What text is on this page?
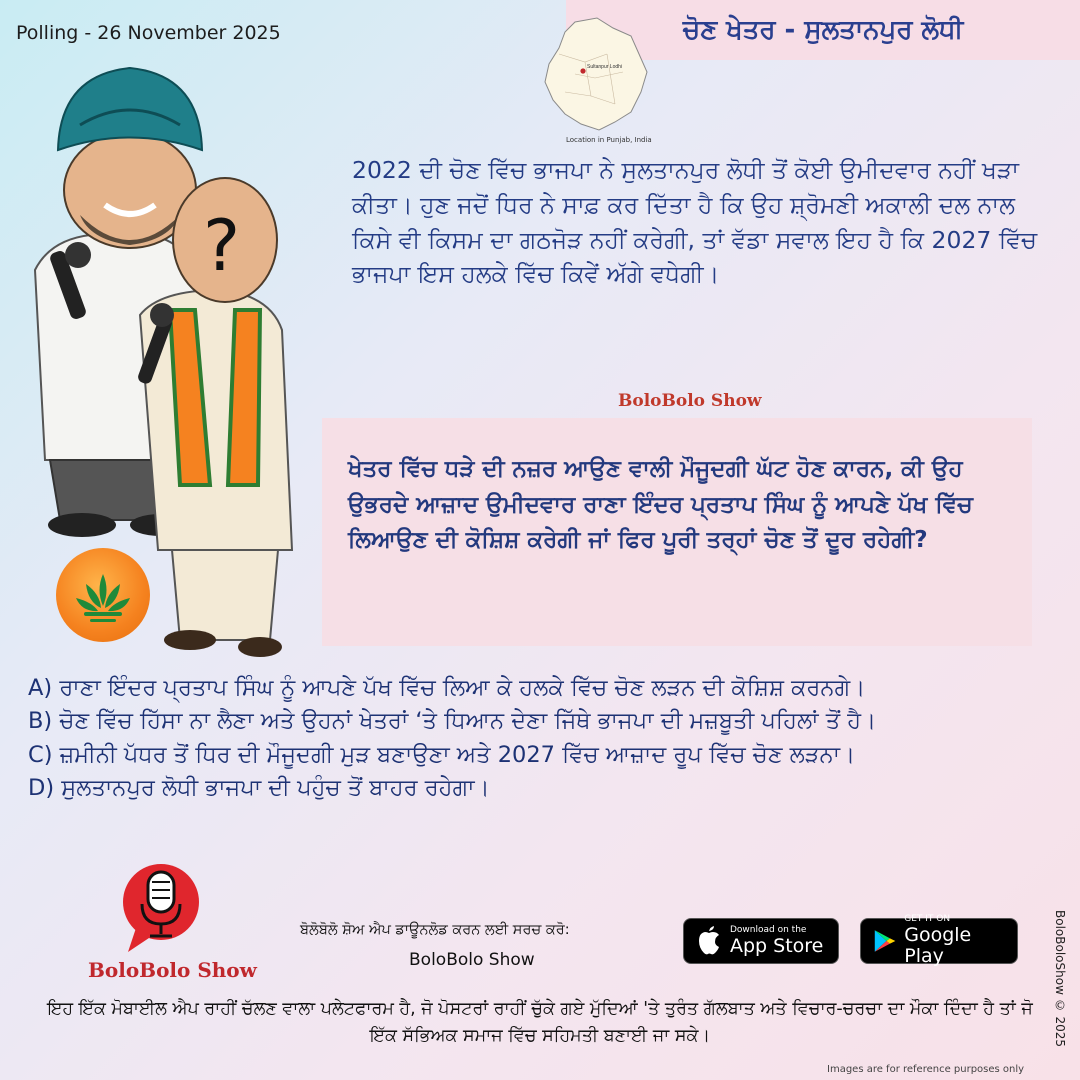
Polling - 26 November 2025	ਚੋਣ ਖੇਤਰ - ਸੁਲਤਾਨਪੁਰ ਲੋਧੀ
Sultanpur Lodhi
Location in Punjab, India
?
2022 ਦੀ ਚੋਣ ਵਿੱਚ ਭਾਜਪਾ ਨੇ ਸੁਲਤਾਨਪੁਰ ਲੋਧੀ ਤੋਂ ਕੋਈ ਉਮੀਦਵਾਰ ਨਹੀਂ ਖੜਾ ਕੀਤਾ। ਹੁਣ ਜਦੋਂ ਧਿਰ ਨੇ ਸਾਫ਼ ਕਰ ਦਿੱਤਾ ਹੈ ਕਿ ਉਹ ਸ਼੍ਰੋਮਣੀ ਅਕਾਲੀ ਦਲ ਨਾਲ ਕਿਸੇ ਵੀ ਕਿਸਮ ਦਾ ਗਠਜੋੜ ਨਹੀਂ ਕਰੇਗੀ, ਤਾਂ ਵੱਡਾ ਸਵਾਲ ਇਹ ਹੈ ਕਿ 2027 ਵਿੱਚ ਭਾਜਪਾ ਇਸ ਹਲਕੇ ਵਿੱਚ ਕਿਵੇਂ ਅੱਗੇ ਵਧੇਗੀ।
BoloBolo Show
ਖੇਤਰ ਵਿੱਚ ਧੜੇ ਦੀ ਨਜ਼ਰ ਆਉਣ ਵਾਲੀ ਮੌਜੂਦਗੀ ਘੱਟ ਹੋਣ ਕਾਰਨ, ਕੀ ਉਹ ਉਭਰਦੇ ਆਜ਼ਾਦ ਉਮੀਦਵਾਰ ਰਾਣਾ ਇੰਦਰ ਪ੍ਰਤਾਪ ਸਿੰਘ ਨੂੰ ਆਪਣੇ ਪੱਖ ਵਿੱਚ ਲਿਆਉਣ ਦੀ ਕੋਸ਼ਿਸ਼ ਕਰੇਗੀ ਜਾਂ ਫਿਰ ਪੂਰੀ ਤਰ੍ਹਾਂ ਚੋਣ ਤੋਂ ਦੂਰ ਰਹੇਗੀ?
A) ਰਾਣਾ ਇੰਦਰ ਪ੍ਰਤਾਪ ਸਿੰਘ ਨੂੰ ਆਪਣੇ ਪੱਖ ਵਿੱਚ ਲਿਆ ਕੇ ਹਲਕੇ ਵਿੱਚ ਚੋਣ ਲੜਨ ਦੀ ਕੋਸ਼ਿਸ਼ ਕਰਨਗੇ।
B) ਚੋਣ ਵਿੱਚ ਹਿੱਸਾ ਨਾ ਲੈਣਾ ਅਤੇ ਉਹਨਾਂ ਖੇਤਰਾਂ ‘ਤੇ ਧਿਆਨ ਦੇਣਾ ਜਿੱਥੇ ਭਾਜਪਾ ਦੀ ਮਜ਼ਬੂਤੀ ਪਹਿਲਾਂ ਤੋਂ ਹੈ।
C) ਜ਼ਮੀਨੀ ਪੱਧਰ ਤੋਂ ਧਿਰ ਦੀ ਮੌਜੂਦਗੀ ਮੁੜ ਬਣਾਉਣਾ ਅਤੇ 2027 ਵਿੱਚ ਆਜ਼ਾਦ ਰੂਪ ਵਿੱਚ ਚੋਣ ਲੜਨਾ।
D) ਸੁਲਤਾਨਪੁਰ ਲੋਧੀ ਭਾਜਪਾ ਦੀ ਪਹੁੰਚ ਤੋਂ ਬਾਹਰ ਰਹੇਗਾ।
BoloBolo Show
ਬੋਲੋਬੋਲੋ ਸ਼ੋਅ ਐਪ ਡਾਊਨਲੋਡ ਕਰਨ ਲਈ ਸਰਚ ਕਰੋ:
BoloBolo Show
Download on the
App Store
GET IT ON
Google Play
ਇਹ ਇੱਕ ਮੋਬਾਈਲ ਐਪ ਰਾਹੀਂ ਚੱਲਣ ਵਾਲਾ ਪਲੇਟਫਾਰਮ ਹੈ, ਜੋ ਪੋਸਟਰਾਂ ਰਾਹੀਂ ਚੁੱਕੇ ਗਏ ਮੁੱਦਿਆਂ 'ਤੇ ਤੁਰੰਤ ਗੱਲਬਾਤ ਅਤੇ ਵਿਚਾਰ-ਚਰਚਾ ਦਾ ਮੌਕਾ ਦਿੰਦਾ ਹੈ ਤਾਂ ਜੋ ਇੱਕ ਸੱਭਿਅਕ ਸਮਾਜ ਵਿੱਚ ਸਹਿਮਤੀ ਬਣਾਈ ਜਾ ਸਕੇ।	BoloBoloShow © 2025
Images are for reference purposes only
